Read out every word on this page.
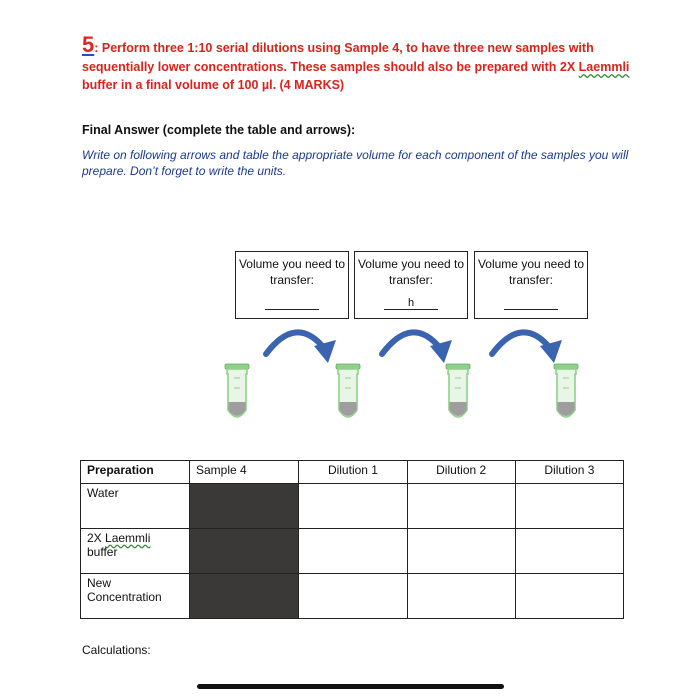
5: Perform three 1:10 serial dilutions using Sample 4, to have three new samples with sequentially lower concentrations. These samples should also be prepared with 2X Laemmli buffer in a final volume of 100 µl. (4 MARKS)
Final Answer (complete the table and arrows):
Write on following arrows and table the appropriate volume for each component of the samples you will prepare. Don’t forget to write the units.
Volume you need to transfer:
Volume you need to transfer:
h
Volume you need to transfer:
Preparation	Sample 4	Dilution 1	Dilution 2	Dilution 3
Water				
2X Laemmli
buffer				
New Concentration				
Calculations:
